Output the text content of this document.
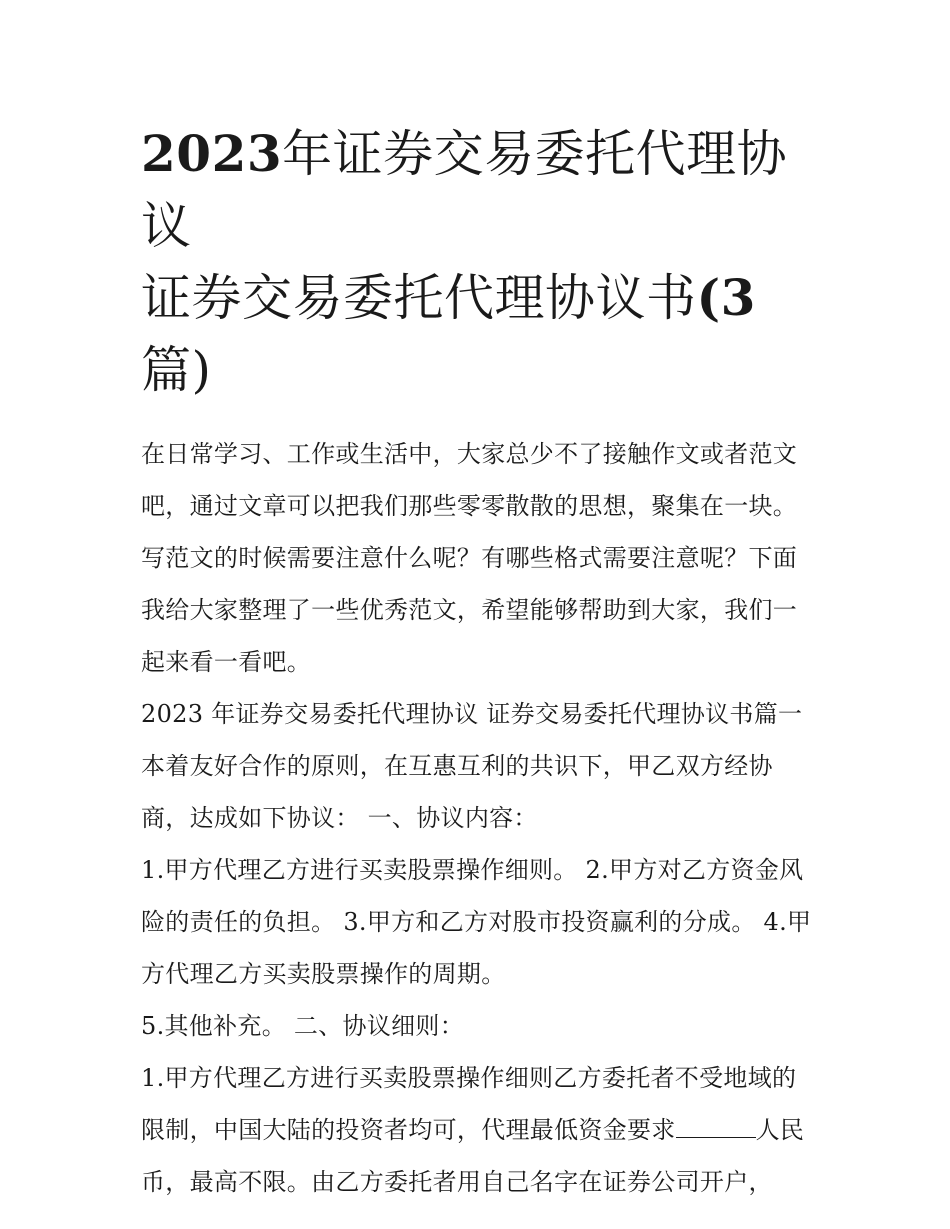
2023年证券交易委托代理协议
证券交易委托代理协议书(3
篇)

在日常学习、工作或生活中，大家总少不了接触作文或者范文吧，通过文章可以把我们那些零零散散的思想，聚集在一块。写范文的时候需要注意什么呢？有哪些格式需要注意呢？下面我给大家整理了一些优秀范文，希望能够帮助到大家，我们一起来看一看吧。

2023 年证券交易委托代理协议 证券交易委托代理协议书篇一

本着友好合作的原则，在互惠互利的共识下，甲乙双方经协商，达成如下协议： 一、协议内容：

1.甲方代理乙方进行买卖股票操作细则。 2.甲方对乙方资金风险的责任的负担。 3.甲方和乙方对股市投资赢利的分成。 4.甲方代理乙方买卖股票操作的周期。

5.其他补充。 二、协议细则：

1.甲方代理乙方进行买卖股票操作细则乙方委托者不受地域的限制，中国大陆的投资者均可，代理最低资金要求	人民币，最高不限。由乙方委托者用自己名字在证券公司开户，
